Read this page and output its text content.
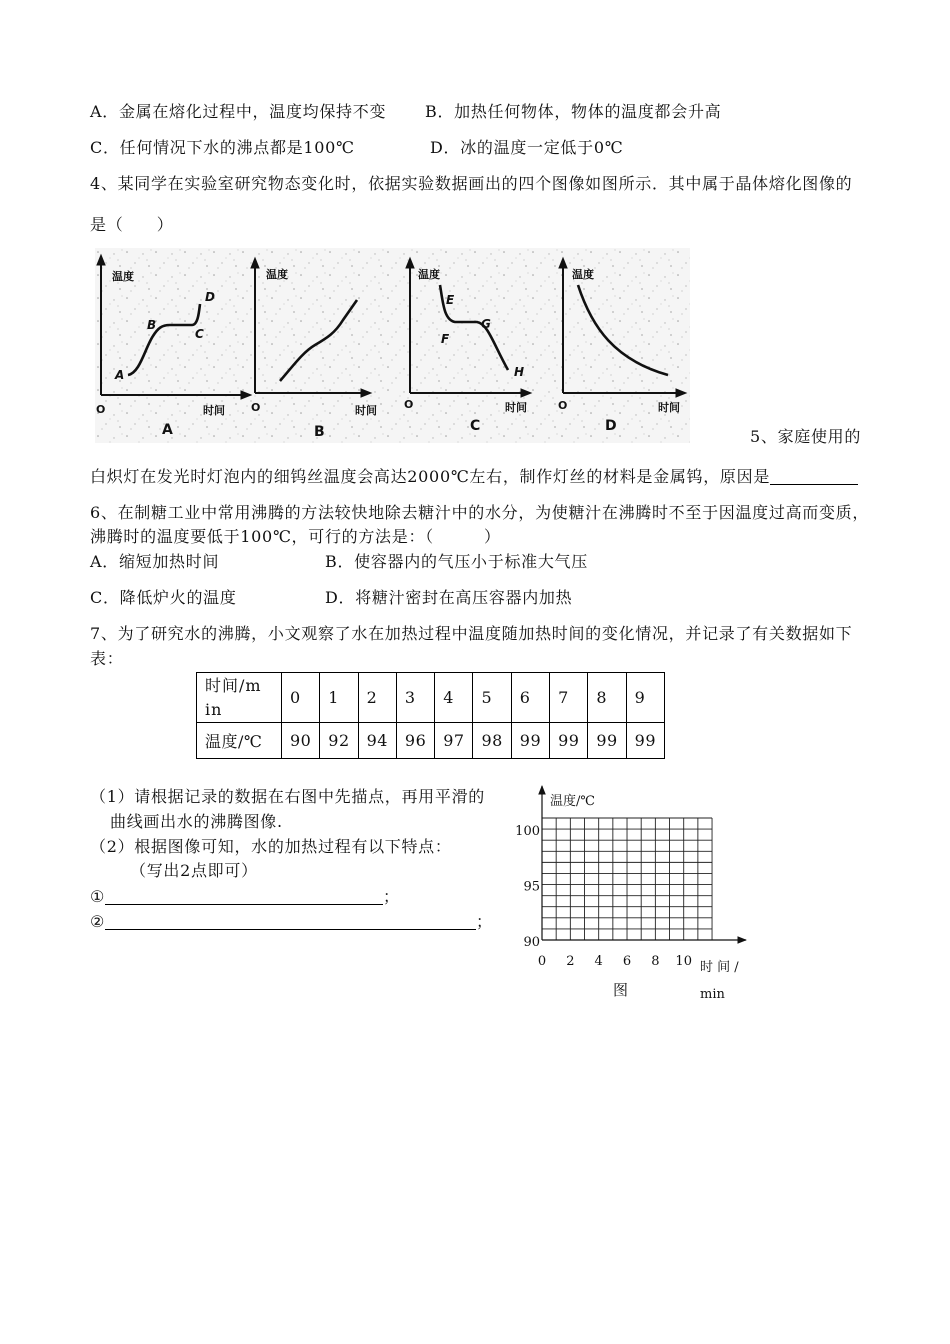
A．金属在熔化过程中，温度均保持不变 B．加热任何物体，物体的温度都会升高
C．任何情况下水的沸点都是100℃	D．冰的温度一定低于0℃
4、某同学在实验室研究物态变化时，依据实验数据画出的四个图像如图所示．其中属于晶体熔化图像的
是（　　）
温度
O	时间
A
B
C
D
A
温度
O	时间
B
温度
O	时间
E
F
G
H
C
温度
O	时间
D
5、家庭使用的
白炽灯在发光时灯泡内的细钨丝温度会高达2000℃左右，制作灯丝的材料是金属钨，原因是
6、在制糖工业中常用沸腾的方法较快地除去糖汁中的水分，为使糖汁在沸腾时不至于因温度过高而变质，
沸腾时的温度要低于100℃，可行的方法是：（　　　）
A．缩短加热时间	B．使容器内的气压小于标准大气压
C．降低炉火的温度	D．将糖汁密封在高压容器内加热
7、为了研究水的沸腾，小文观察了水在加热过程中温度随加热时间的变化情况，并记录了有关数据如下
表：
时间/min	0	1	2	3	4	5	6	7	8	9
温度/℃	90	92	94	96	97	98	99	99	99	99
（1）请根据记录的数据在右图中先描点，再用平滑的
曲线画出水的沸腾图像.
（2）根据图像可知，水的加热过程有以下特点：
（写出2点即可）
①	；
②	；
100
95
90
0 2 4 6 8 10
温度/℃
时 间 /
min
图
